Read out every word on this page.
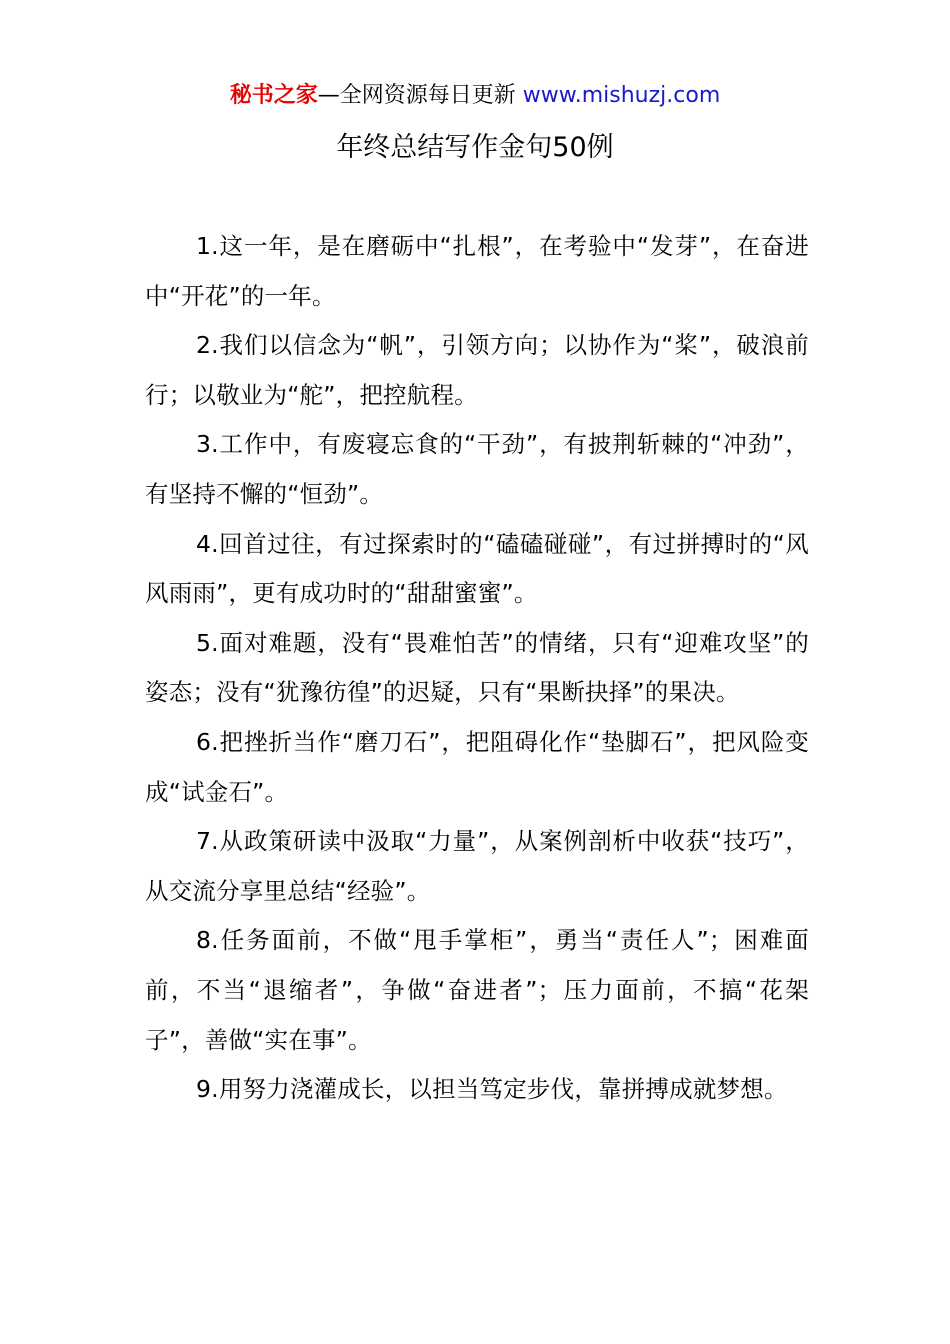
秘书之家—全网资源每日更新 www.mishuzj.com
年终总结写作金句50例

1.这一年，是在磨砺中“扎根”，在考验中“发芽”，在奋进中“开花”的一年。

2.我们以信念为“帆”，引领方向；以协作为“桨”，破浪前行；以敬业为“舵”，把控航程。

3.工作中，有废寝忘食的“干劲”，有披荆斩棘的“冲劲”，有坚持不懈的“恒劲”。

4.回首过往，有过探索时的“磕磕碰碰”，有过拼搏时的“风风雨雨”，更有成功时的“甜甜蜜蜜”。

5.面对难题，没有“畏难怕苦”的情绪，只有“迎难攻坚”的姿态；没有“犹豫彷徨”的迟疑，只有“果断抉择”的果决。

6.把挫折当作“磨刀石”，把阻碍化作“垫脚石”，把风险变成“试金石”。

7.从政策研读中汲取“力量”，从案例剖析中收获“技巧”，从交流分享里总结“经验”。

8.任务面前，不做“甩手掌柜”，勇当“责任人”；困难面前，不当“退缩者”，争做“奋进者”；压力面前，不搞“花架子”，善做“实在事”。

9.用努力浇灌成长，以担当笃定步伐，靠拼搏成就梦想。
